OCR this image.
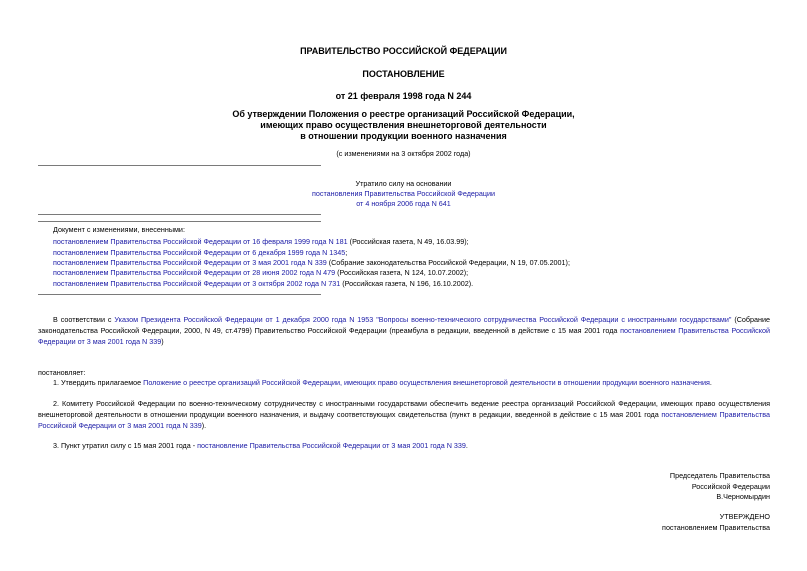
ПРАВИТЕЛЬСТВО РОССИЙСКОЙ ФЕДЕРАЦИИ
ПОСТАНОВЛЕНИЕ
от 21 февраля 1998 года N 244
Об утверждении Положения о реестре организаций Российской Федерации,
имеющих право осуществления внешнеторговой деятельности
в отношении продукции военного назначения
(с изменениями на 3 октября 2002 года)
Утратило силу на основании
постановления Правительства Российской Федерации
от 4 ноября 2006 года N 641
Документ с изменениями, внесенными:
постановлением Правительства Российской Федерации от 16 февраля 1999 года N 181 (Российская газета, N 49, 16.03.99);
постановлением Правительства Российской Федерации от 6 декабря 1999 года N 1345;
постановлением Правительства Российской Федерации от 3 мая 2001 года N 339 (Собрание законодательства Российской Федерации, N 19, 07.05.2001);
постановлением Правительства Российской Федерации от 28 июня 2002 года N 479 (Российская газета, N 124, 10.07.2002);
постановлением Правительства Российской Федерации от 3 октября 2002 года N 731 (Российская газета, N 196, 16.10.2002).
В соответствии с Указом Президента Российской Федерации от 1 декабря 2000 года N 1953 "Вопросы военно-технического сотрудничества Российской Федерации с иностранными государствами" (Собрание законодательства Российской Федерации, 2000, N 49, ст.4799) Правительство Российской Федерации (преамбула в редакции, введенной в действие с 15 мая 2001 года постановлением Правительства Российской Федерации от 3 мая 2001 года N 339)
постановляет:
1. Утвердить прилагаемое Положение о реестре организаций Российской Федерации, имеющих право осуществления внешнеторговой деятельности в отношении продукции военного назначения.
2. Комитету Российской Федерации по военно-техническому сотрудничеству с иностранными государствами обеспечить ведение реестра организаций Российской Федерации, имеющих право осуществления внешнеторговой деятельности в отношении продукции военного назначения, и выдачу соответствующих свидетельства (пункт в редакции, введенной в действие с 15 мая 2001 года постановлением Правительства Российской Федерации от 3 мая 2001 года N 339).
3. Пункт утратил силу с 15 мая 2001 года - постановление Правительства Российской Федерации от 3 мая 2001 года N 339.
Председатель Правительства
Российской Федерации
В.Черномырдин
УТВЕРЖДЕНО
постановлением Правительства
